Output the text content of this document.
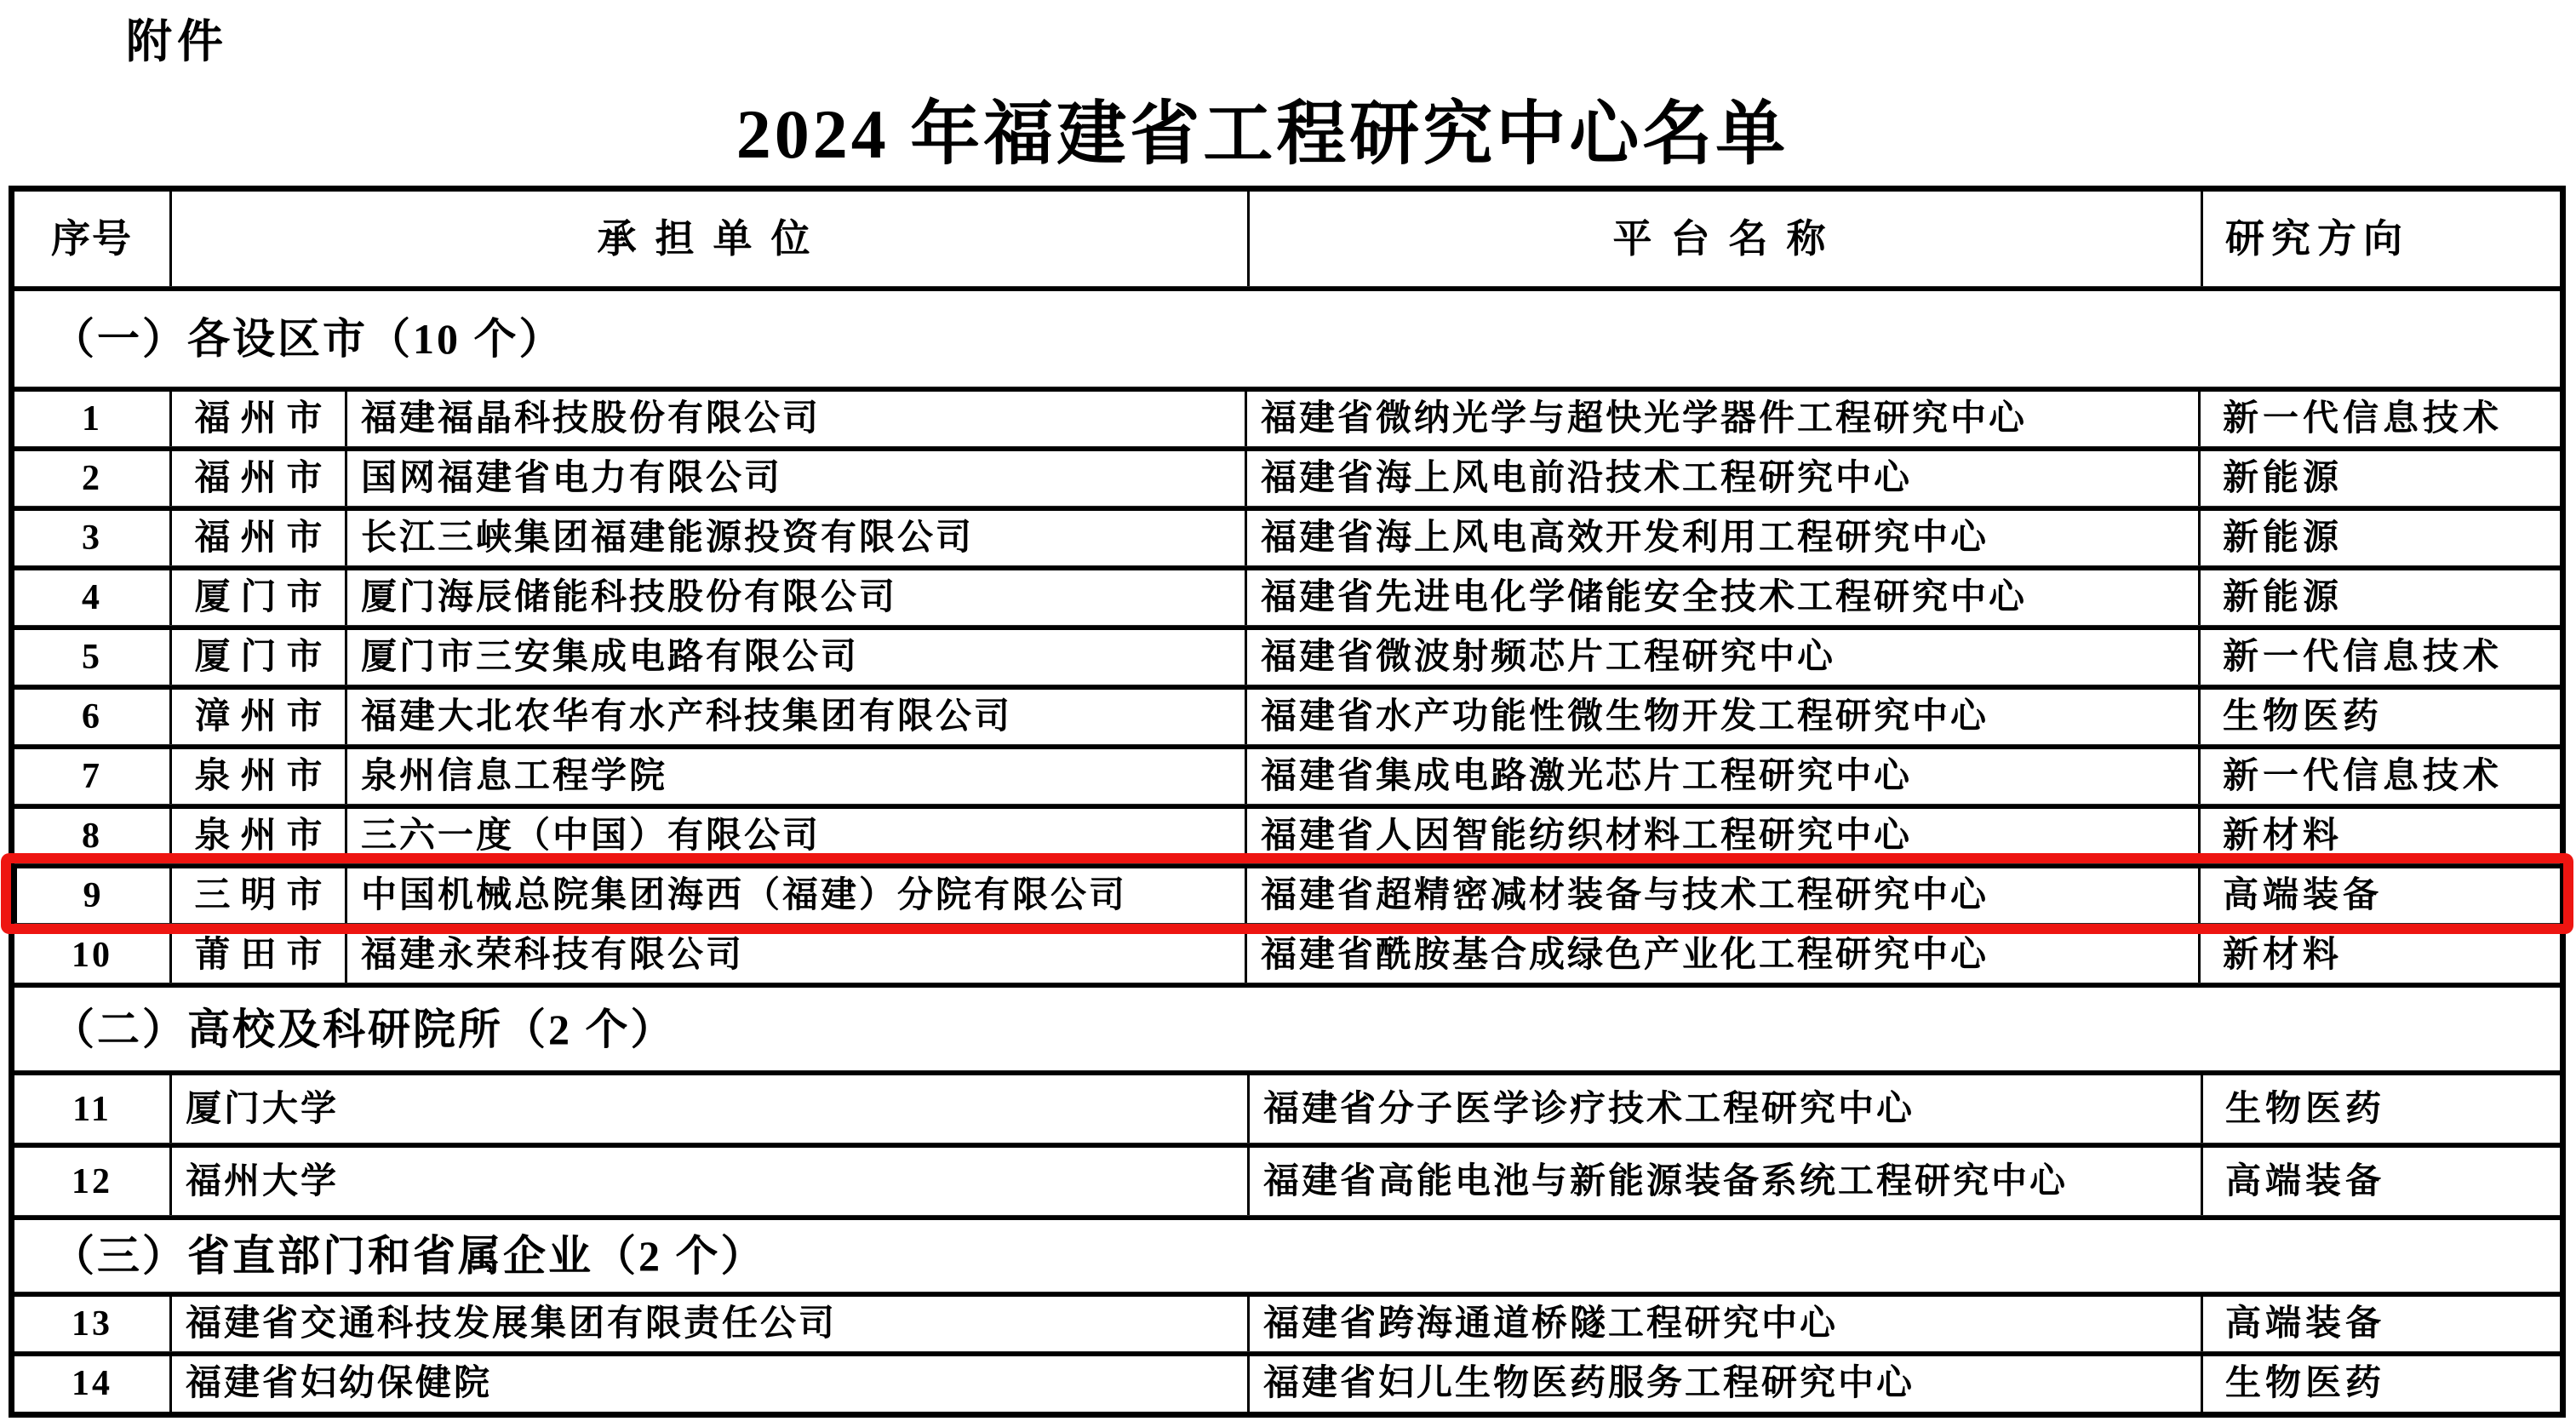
附件
2024 年福建省工程研究中心名单
序号	承担单位	平台名称	研究方向
（一）各设区市（10 个）
1	福州市 福建福晶科技股份有限公司	福建省微纳光学与超快光学器件工程研究中心	新一代信息技术
2	福州市 国网福建省电力有限公司	福建省海上风电前沿技术工程研究中心	新能源
3	福州市 长江三峡集团福建能源投资有限公司	福建省海上风电高效开发利用工程研究中心	新能源
4	厦门市 厦门海辰储能科技股份有限公司	福建省先进电化学储能安全技术工程研究中心	新能源
5	厦门市 厦门市三安集成电路有限公司	福建省微波射频芯片工程研究中心	新一代信息技术
6	漳州市 福建大北农华有水产科技集团有限公司	福建省水产功能性微生物开发工程研究中心	生物医药
7	泉州市 泉州信息工程学院	福建省集成电路激光芯片工程研究中心	新一代信息技术
8	泉州市 三六一度（中国）有限公司	福建省人因智能纺织材料工程研究中心	新材料
9	三明市 中国机械总院集团海西（福建）分院有限公司	福建省超精密减材装备与技术工程研究中心	高端装备
10	莆田市 福建永荣科技有限公司	福建省酰胺基合成绿色产业化工程研究中心	新材料
（二）高校及科研院所（2 个）
11	厦门大学	福建省分子医学诊疗技术工程研究中心	生物医药
12	福州大学	福建省高能电池与新能源装备系统工程研究中心	高端装备
（三）省直部门和省属企业（2 个）
13	福建省交通科技发展集团有限责任公司	福建省跨海通道桥隧工程研究中心	高端装备
14	福建省妇幼保健院	福建省妇儿生物医药服务工程研究中心	生物医药
